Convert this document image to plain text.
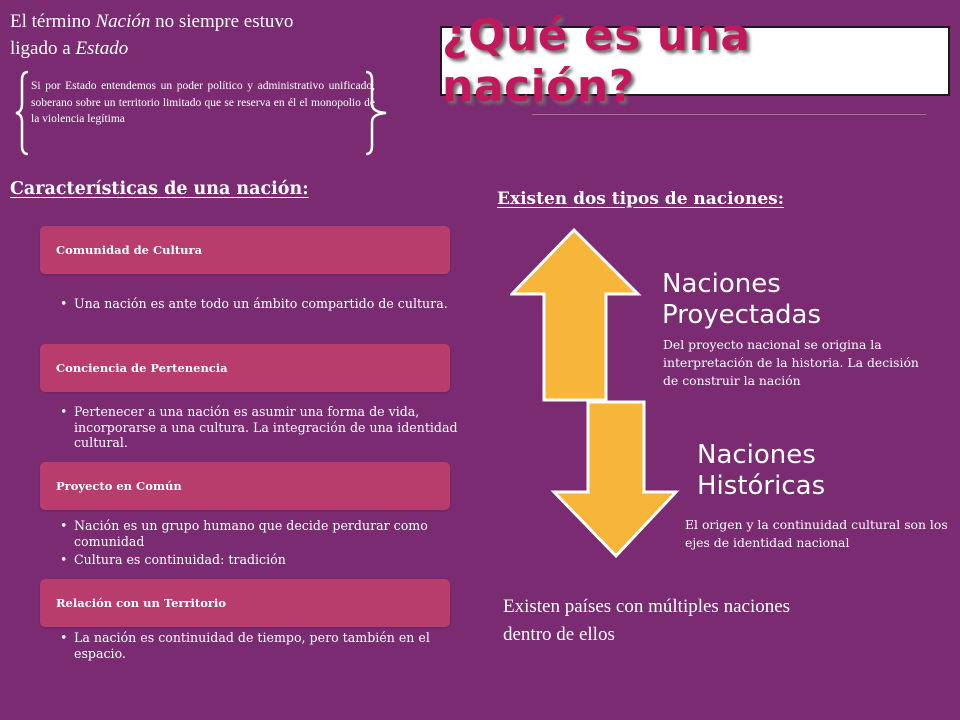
El término Nación no siempre estuvo ligado a Estado
Si por Estado entendemos un poder político y administrativo unificado, soberano sobre un territorio limitado que se reserva en él el monopolio de la violencia legítima
¿Qué es una nación?
Características de una nación:
Comunidad de Cultura
• Una nación es ante todo un ámbito compartido de cultura.
Conciencia de Pertenencia
• Pertenecer a una nación es asumir una forma de vida, incorporarse a una cultura. La integración de una identidad cultural.
Proyecto en Común
• Nación es un grupo humano que decide perdurar como comunidad
• Cultura es continuidad: tradición
Relación con un Territorio
• La nación es continuidad de tiempo, pero también en el espacio.
Existen dos tipos de naciones:
Naciones
Proyectadas
Del proyecto nacional se origina la interpretación de la historia. La decisión de construir la nación
Naciones
Históricas
El origen y la continuidad cultural son los ejes de identidad nacional
Existen países con múltiples naciones dentro de ellos
